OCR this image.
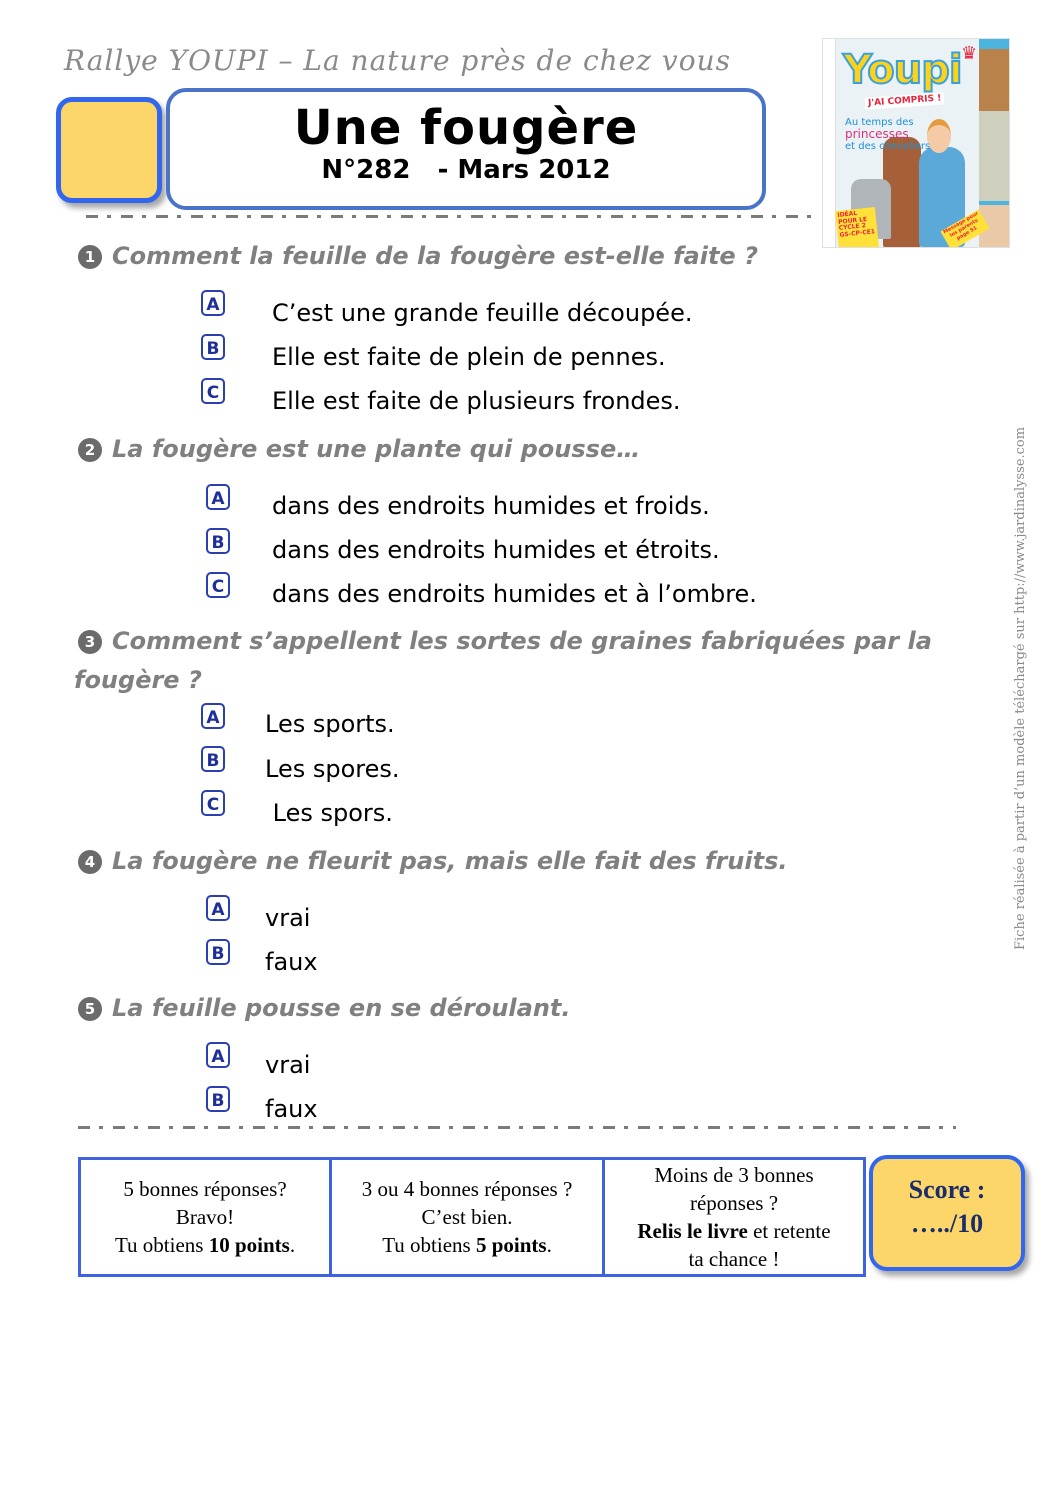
Rallye YOUPI – La nature près de chez vous
Une fougère
N°282   - Mars 2012
Youpi ♛
J'AI COMPRIS !
Au temps des
princesses
et des chevaliers
IDÉAL POUR LE CYCLE 2 GS-CP-CE1	Message pour les parents page 51
1 Comment la feuille de la fougère est-elle faite ?
A C’est une grande feuille découpée.
B Elle est faite de plein de pennes.
C Elle est faite de plusieurs frondes.
2 La fougère est une plante qui pousse…
A dans des endroits humides et froids.
B dans des endroits humides et étroits.
C dans des endroits humides et à l’ombre.
3 Comment s’appellent les sortes de graines fabriquées par la
fougère ?
A Les sports.
B Les spores.
C Les spors.
4 La fougère ne fleurit pas, mais elle fait des fruits.
A vrai
B faux
5 La feuille pousse en se déroulant.
A vrai
B faux
5 bonnes réponses?
Bravo!
Tu obtiens 10 points.	3 ou 4 bonnes réponses ?
C’est bien.
Tu obtiens 5 points.	Moins de 3 bonnes
réponses ?
Relis le livre et retente
ta chance !
Score :
…../10
Fiche réalisée à partir d’un modèle téléchargé sur http://www.jardinalysse.com
